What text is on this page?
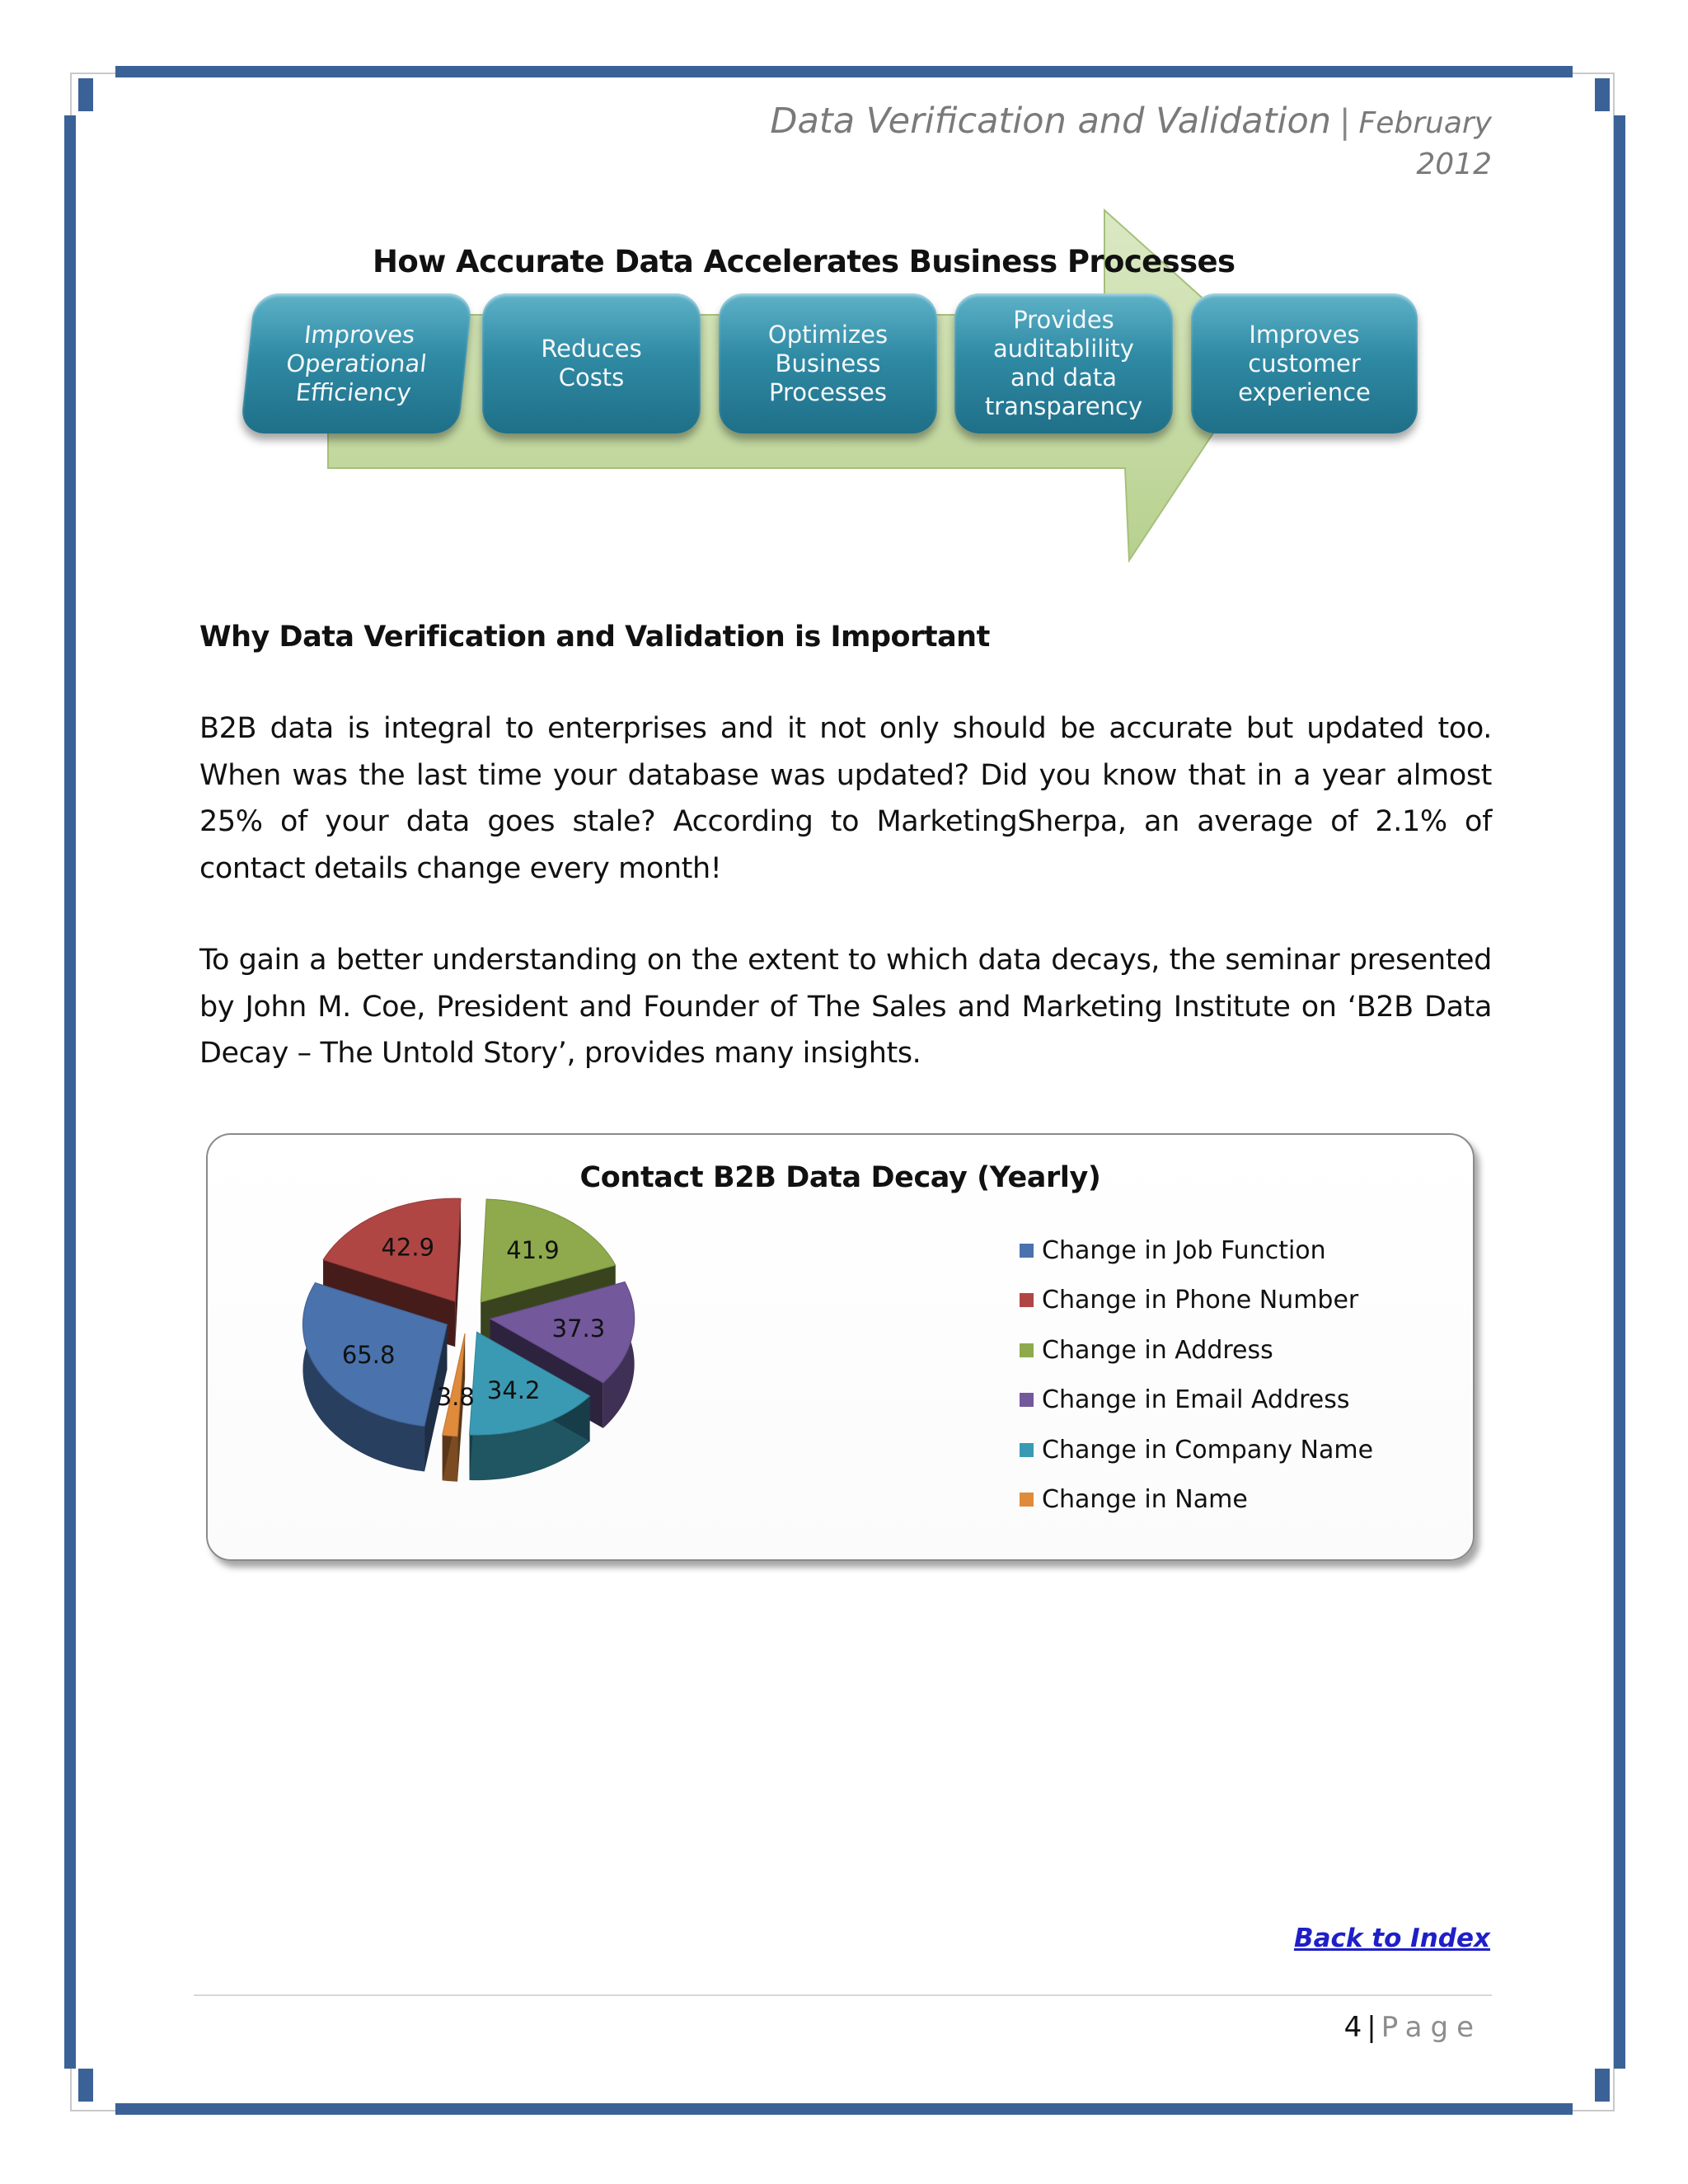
Data Verification and Validation | February 2012
How Accurate Data Accelerates Business Processes
Improves
Operational
Efficiency
Reduces
Costs
Optimizes
Business
Processes
Provides
auditablility
and data
transparency
Improves
customer
experience
Why Data Verification and Validation is Important

B2B data is integral to enterprises and it not only should be accurate but updated too. When was the last time your database was updated? Did you know that in a year almost 25% of your data goes stale? According to MarketingSherpa, an average of 2.1% of contact details change every month!

To gain a better understanding on the extent to which data decays, the seminar presented by John M. Coe, President and Founder of The Sales and Marketing Institute on ‘B2B Data Decay – The Untold Story’, provides many insights.

Contact B2B Data Decay (Yearly)
65.8
42.9	41.9
37.3
34.2
3.8
Change in Job Function
Change in Phone Number
Change in Address
Change in Email Address
Change in Company Name
Change in Name
Back to Index
4 | Page
